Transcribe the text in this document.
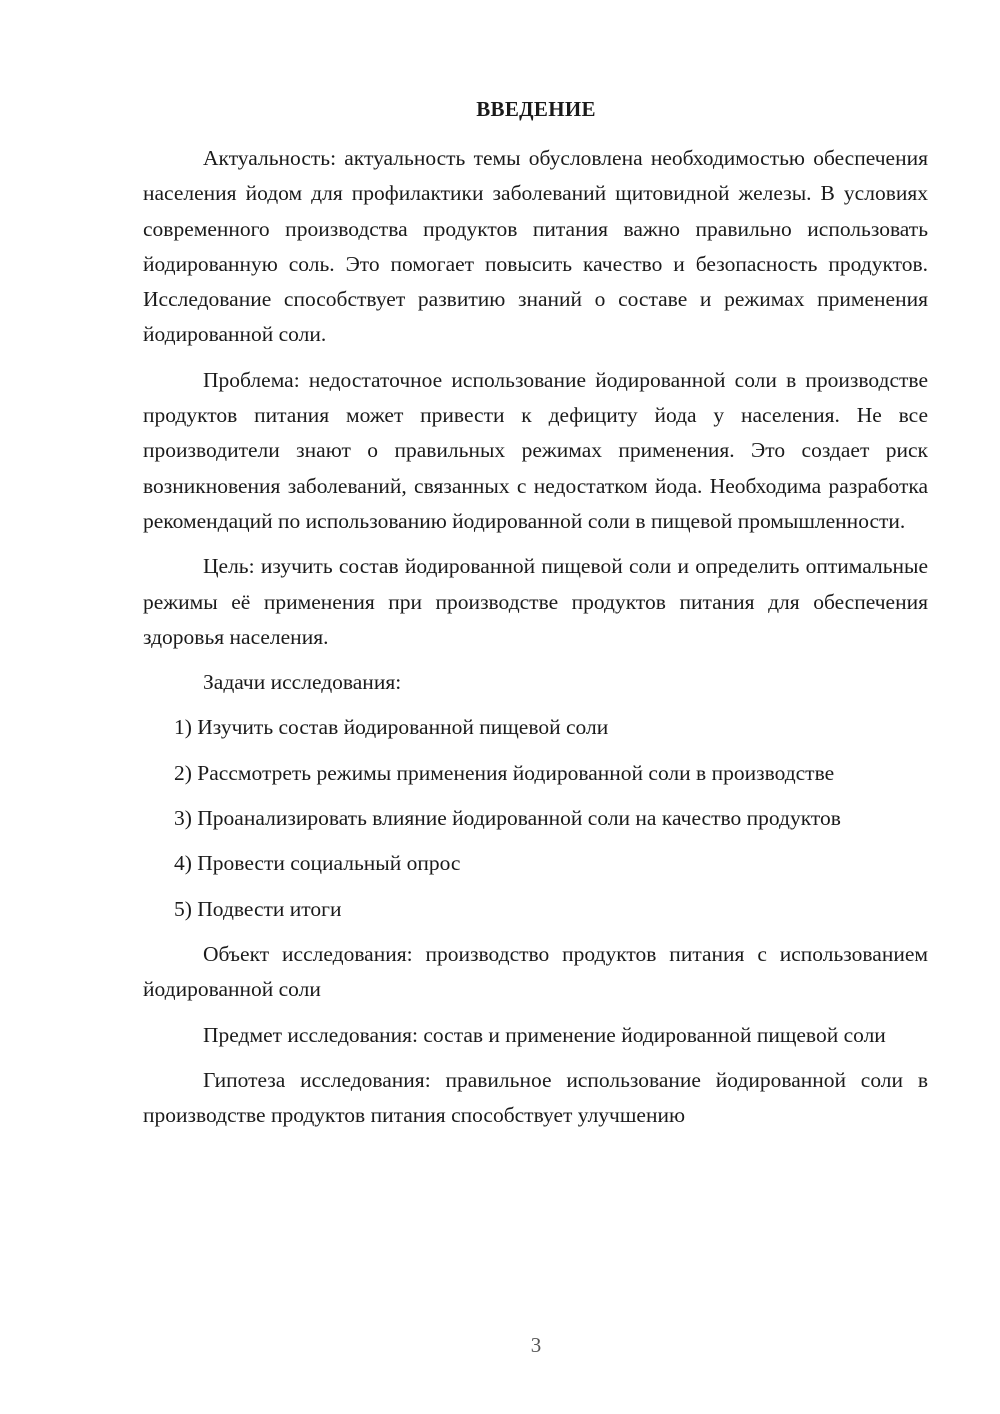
ВВЕДЕНИЕ

Актуальность: актуальность темы обусловлена необходимостью обеспечения населения йодом для профилактики заболеваний щитовидной железы. В условиях современного производства продуктов питания важно правильно использовать йодированную соль. Это помогает повысить качество и безопасность продуктов. Исследование способствует развитию знаний о составе и режимах применения йодированной соли.

Проблема: недостаточное использование йодированной соли в производстве продуктов питания может привести к дефициту йода у населения. Не все производители знают о правильных режимах применения. Это создает риск возникновения заболеваний, связанных с недостатком йода. Необходима разработка рекомендаций по использованию йодированной соли в пищевой промышленности.

Цель: изучить состав йодированной пищевой соли и определить оптимальные режимы её применения при производстве продуктов питания для обеспечения здоровья населения.

Задачи исследования:

1) Изучить состав йодированной пищевой соли

2) Рассмотреть режимы применения йодированной соли в производстве

3) Проанализировать влияние йодированной соли на качество продуктов

4) Провести социальный опрос

5) Подвести итоги

Объект исследования: производство продуктов питания с использованием йодированной соли

Предмет исследования: состав и применение йодированной пищевой соли

Гипотеза исследования: правильное использование йодированной соли в производстве продуктов питания способствует улучшению

3
